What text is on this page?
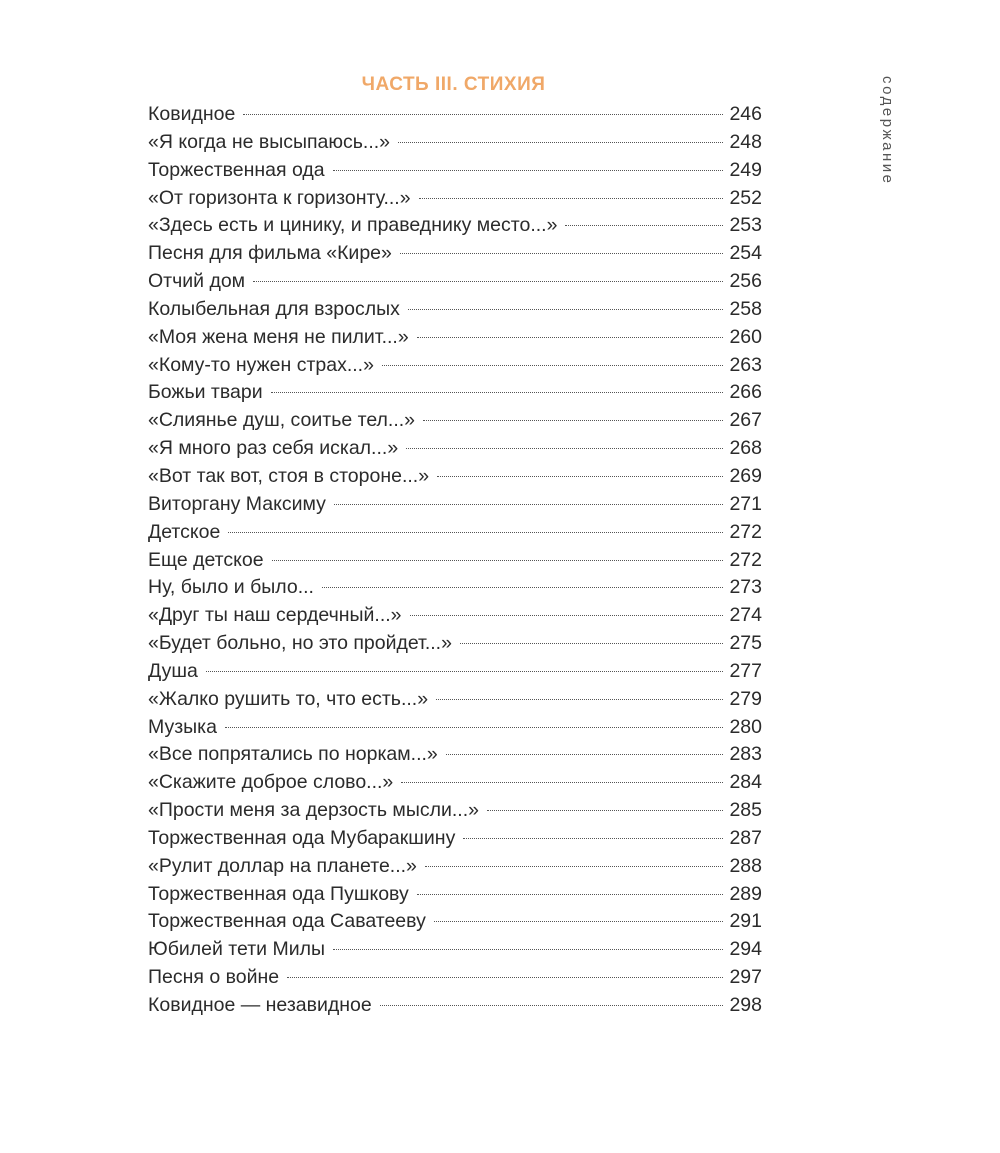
содержание
ЧАСТЬ III. СТИХИЯ
Ковидное	246
«Я когда не высыпаюсь...»	248
Торжественная ода	249
«От горизонта к горизонту...»	252
«Здесь есть и цинику, и праведнику место...»	253
Песня для фильма «Кире»	254
Отчий дом	256
Колыбельная для взрослых	258
«Моя жена меня не пилит...»	260
«Кому-то нужен страх...»	263
Божьи твари	266
«Слиянье душ, соитье тел...»	267
«Я много раз себя искал...»	268
«Вот так вот, стоя в стороне...»	269
Виторгану Максиму	271
Детское	272
Еще детское	272
Ну, было и было...	273
«Друг ты наш сердечный...»	274
«Будет больно, но это пройдет...»	275
Душа	277
«Жалко рушить то, что есть...»	279
Музыка	280
«Все попрятались по норкам...»	283
«Скажите доброе слово...»	284
«Прости меня за дерзость мысли...»	285
Торжественная ода Мубаракшину	287
«Рулит доллар на планете...»	288
Торжественная ода Пушкову	289
Торжественная ода Саватееву	291
Юбилей тети Милы	294
Песня о войне	297
Ковидное — незавидное	298
